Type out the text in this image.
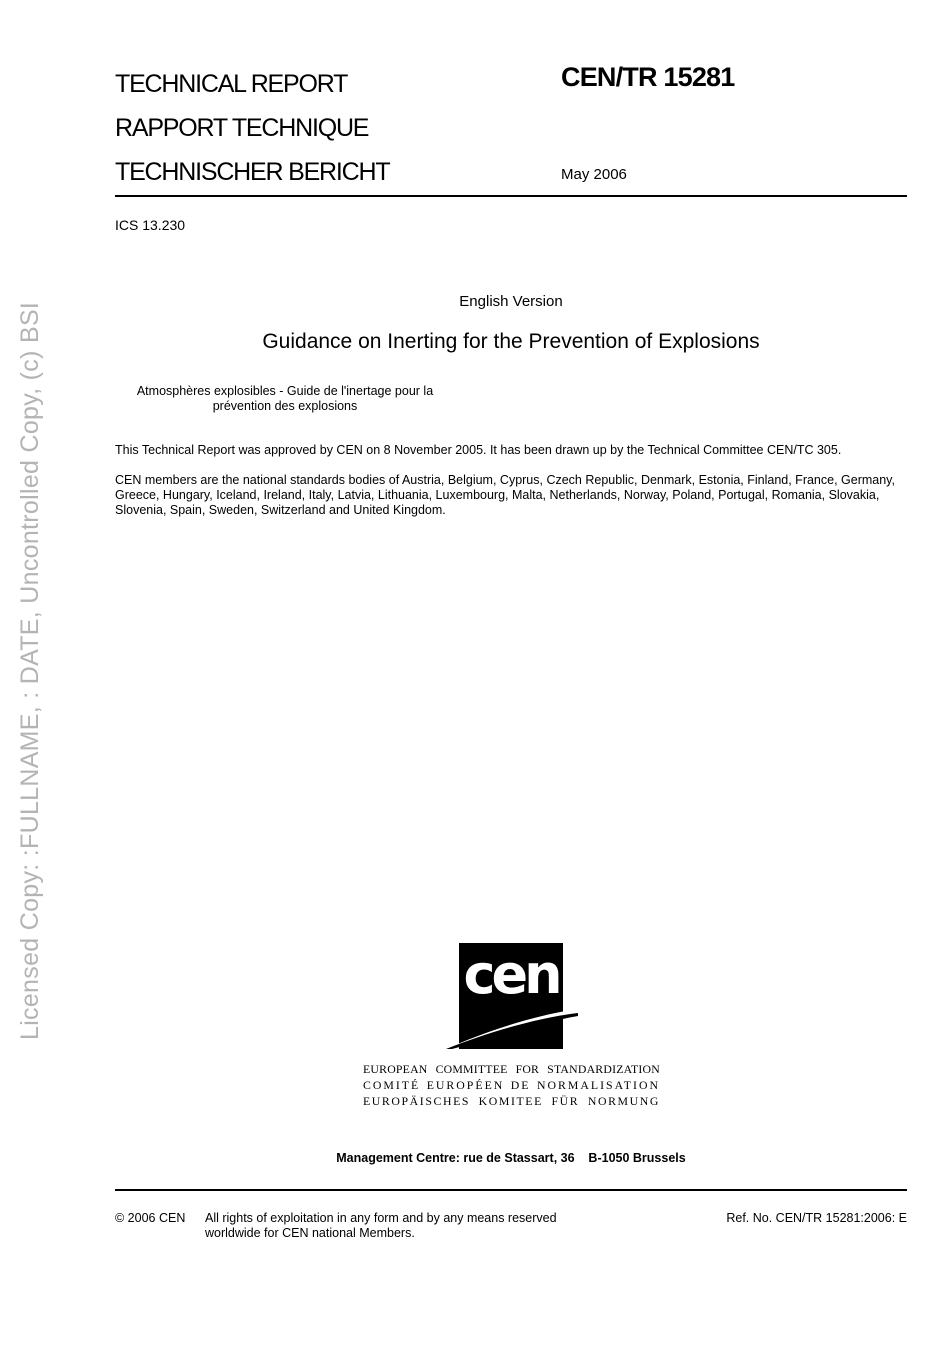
TECHNICAL REPORT
RAPPORT TECHNIQUE
TECHNISCHER BERICHT
CEN/TR 15281
May 2006
ICS 13.230
English Version
Guidance on Inerting for the Prevention of Explosions
Atmosphères explosibles - Guide de l'inertage pour la prévention des explosions
This Technical Report was approved by CEN on 8 November 2005. It has been drawn up by the Technical Committee CEN/TC 305.
CEN members are the national standards bodies of Austria, Belgium, Cyprus, Czech Republic, Denmark, Estonia, Finland, France, Germany, Greece, Hungary, Iceland, Ireland, Italy, Latvia, Lithuania, Luxembourg, Malta, Netherlands, Norway, Poland, Portugal, Romania, Slovakia, Slovenia, Spain, Sweden, Switzerland and United Kingdom.
Licensed Copy: :FULLNAME, : DATE, Uncontrolled Copy, (c) BSI	cen
EUROPEAN COMMITTEE FOR STANDARDIZATION
COMITÉ EUROPÉEN DE NORMALISATION
EUROPÄISCHES KOMITEE FÜR NORMUNG
Management Centre: rue de Stassart, 36    B-1050 Brussels
© 2006 CEN All rights of exploitation in any form and by any means reserved
worldwide for CEN national Members.
Ref. No. CEN/TR 15281:2006: E
